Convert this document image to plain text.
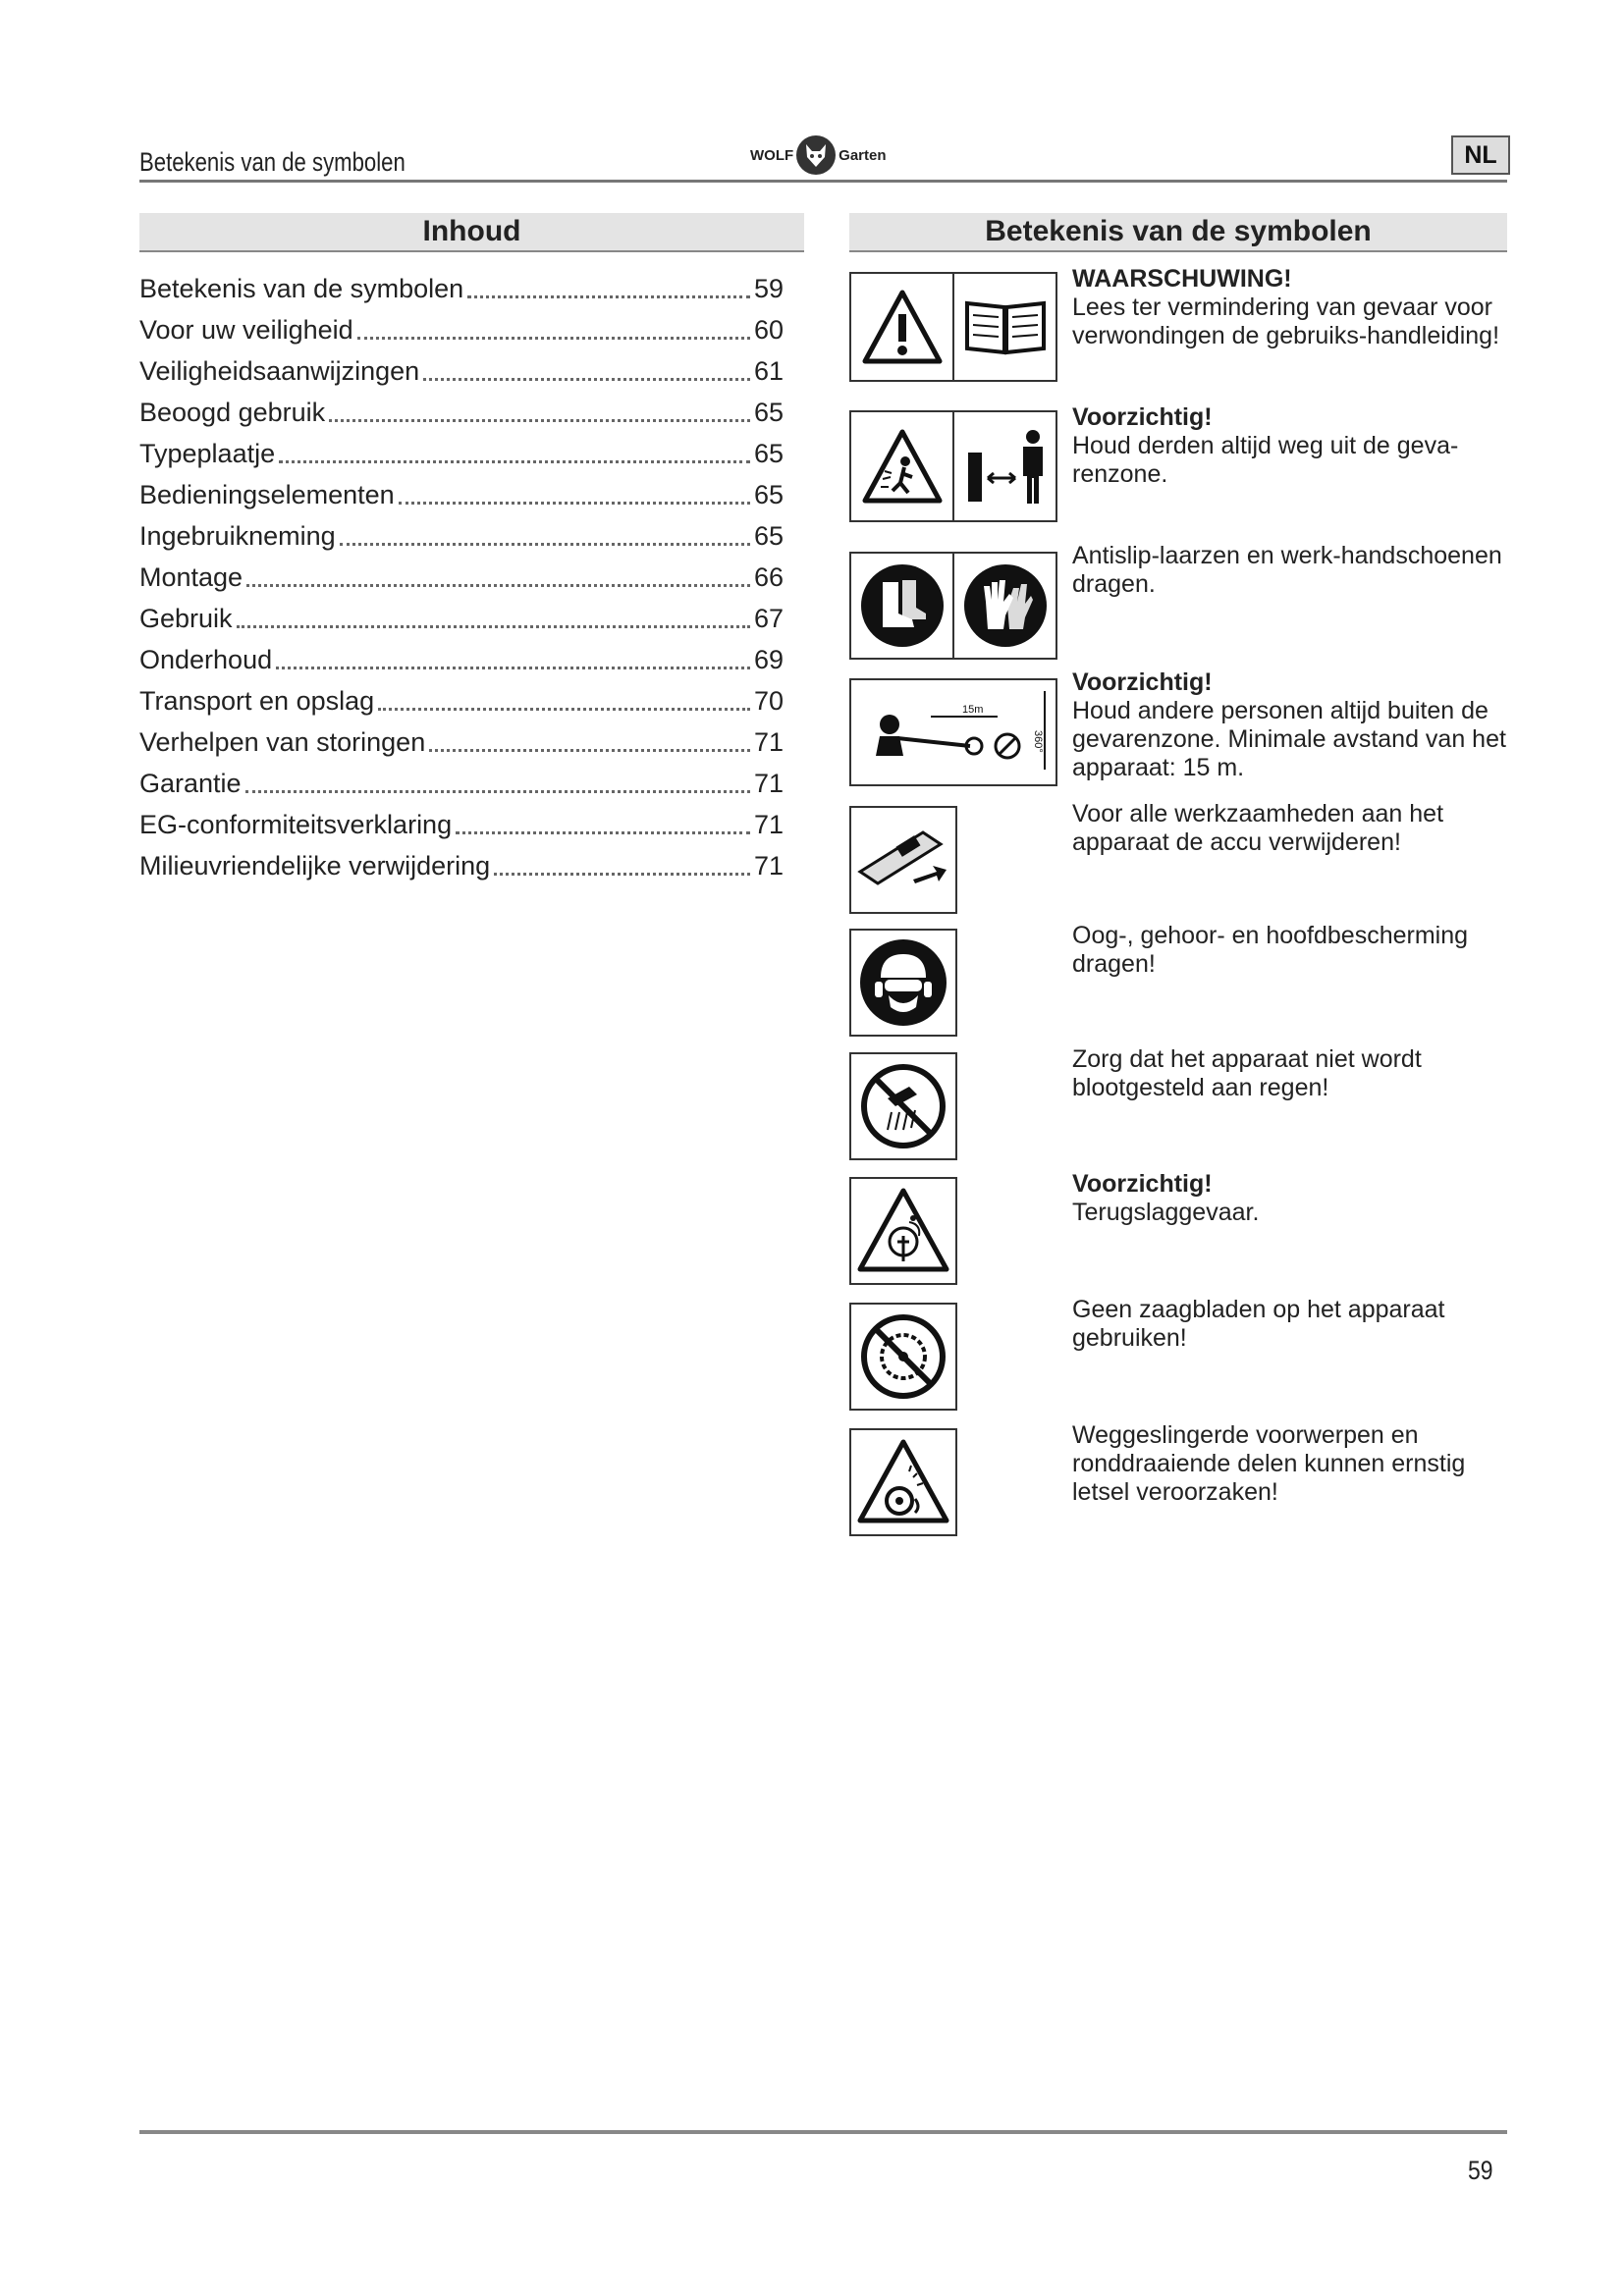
Betekenis van de symbolen	WOLF	Garten	NL
Inhoud	Betekenis van de symbolen
Betekenis van de symbolen	59
Voor uw veiligheid	60
Veiligheidsaanwijzingen	61
Beoogd gebruik	65
Typeplaatje	65
Bedieningselementen	65
Ingebruikneming	65
Montage	66
Gebruik	67
Onderhoud	69
Transport en opslag	70
Verhelpen van storingen	71
Garantie	71
EG-conformiteitsverklaring	71
Milieuvriendelijke verwijdering	71
WAARSCHUWING!
Lees ter vermindering van gevaar voor verwondingen de gebruiks-handleiding!
Voorzichtig!
Houd derden altijd weg uit de geva-renzone.
Antislip-laarzen en werk-handschoenen dragen.
15m
360°
Voorzichtig!
Houd andere personen altijd buiten de gevarenzone. Minimale avstand van het apparaat: 15 m.
Voor alle werkzaamheden aan het apparaat de accu verwijderen!
Oog-, gehoor- en hoofdbescherming dragen!
Zorg dat het apparaat niet wordt blootgesteld aan regen!
Voorzichtig!
Terugslaggevaar.
Geen zaagbladen op het apparaat gebruiken!
Weggeslingerde voorwerpen en ronddraaiende delen kunnen ernstig letsel veroorzaken!
59
